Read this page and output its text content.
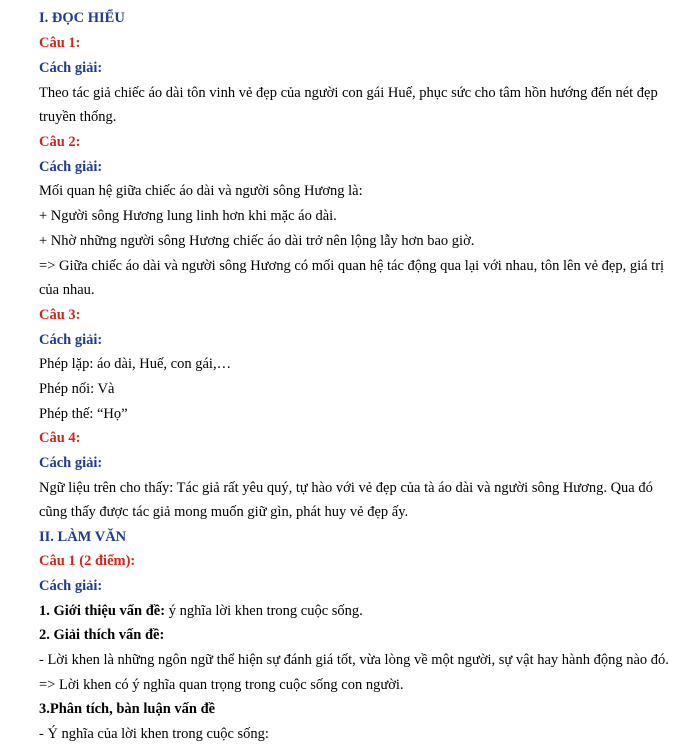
I. ĐỌC HIỂU
Câu 1:
Cách giải:
Theo tác giả chiếc áo dài tôn vinh vẻ đẹp của người con gái Huế, phục sức cho tâm hồn hướng đến nét đẹp
truyền thống.
Câu 2:
Cách giải:
Mối quan hệ giữa chiếc áo dài và người sông Hương là:
+ Người sông Hương lung linh hơn khi mặc áo dài.
+ Nhờ những người sông Hương chiếc áo dài trở nên lộng lẫy hơn bao giờ.
=> Giữa chiếc áo dài và người sông Hương có mối quan hệ tác động qua lại với nhau, tôn lên vẻ đẹp, giá trị
của nhau.
Câu 3:
Cách giải:
Phép lặp: áo dài, Huế, con gái,…
Phép nối: Và
Phép thế: “Họ”
Câu 4:
Cách giải:
Ngữ liệu trên cho thấy: Tác giả rất yêu quý, tự hào với vẻ đẹp của tà áo dài và người sông Hương. Qua đó
cũng thấy được tác giả mong muốn giữ gìn, phát huy vẻ đẹp ấy.
II. LÀM VĂN
Câu 1 (2 điểm):
Cách giải:
1. Giới thiệu vấn đề: ý nghĩa lời khen trong cuộc sống.
2. Giải thích vấn đề:
- Lời khen là những ngôn ngữ thể hiện sự đánh giá tốt, vừa lòng về một người, sự vật hay hành động nào đó.
=> Lời khen có ý nghĩa quan trọng trong cuộc sống con người.
3.Phân tích, bàn luận vấn đề
- Ý nghĩa của lời khen trong cuộc sống:
